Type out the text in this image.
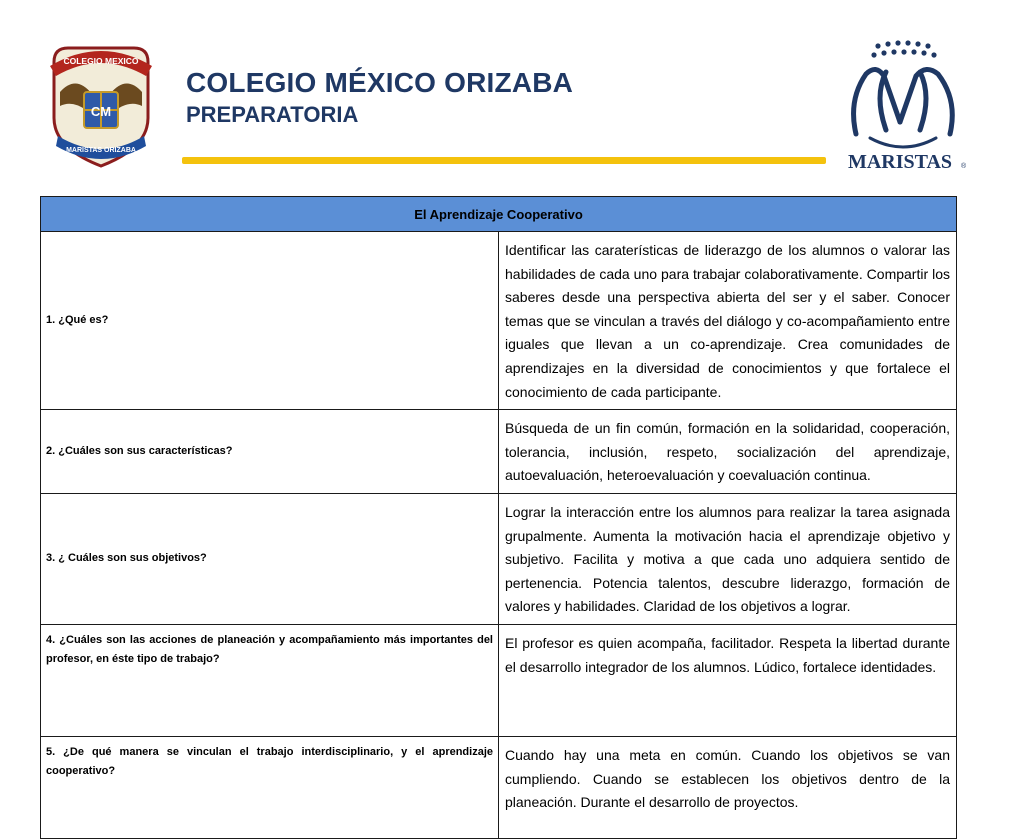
COLEGIO MEXICO
CM
MARISTAS ORIZABA
COLEGIO MÉXICO ORIZABA
PREPARATORIA
MARISTAS ®
El Aprendizaje Cooperativo	
1. ¿Qué es?	Identificar las caraterísticas de liderazgo de los alumnos o valorar las habilidades de cada uno para trabajar colaborativamente. Compartir los saberes desde una perspectiva abierta del ser y el saber. Conocer temas que se vinculan a través del diálogo y co-acompañamiento entre iguales que llevan a un co-aprendizaje. Crea comunidades de aprendizajes en la diversidad de conocimientos y que fortalece el conocimiento de cada participante.
2. ¿Cuáles son sus características?	Búsqueda de un fin común, formación en la solidaridad, cooperación, tolerancia, inclusión, respeto, socialización del aprendizaje, autoevaluación, heteroevaluación y coevaluación continua.
3. ¿ Cuáles son sus objetivos?	Lograr la interacción entre los alumnos para realizar la tarea asignada grupalmente. Aumenta la motivación hacia el aprendizaje objetivo y subjetivo. Facilita y motiva a que cada uno adquiera sentido de pertenencia. Potencia talentos, descubre liderazgo, formación de valores y habilidades. Claridad de los objetivos a lograr.
4. ¿Cuáles son las acciones de planeación y acompañamiento más importantes del profesor, en éste tipo de trabajo?	El profesor es quien acompaña, facilitador. Respeta la libertad durante el desarrollo integrador de los alumnos. Lúdico, fortalece identidades.
5. ¿De qué manera se vinculan el trabajo interdisciplinario, y el aprendizaje cooperativo?	Cuando hay una meta en común. Cuando los objetivos se van cumpliendo. Cuando se establecen los objetivos dentro de la planeación. Durante el desarrollo de proyectos.
